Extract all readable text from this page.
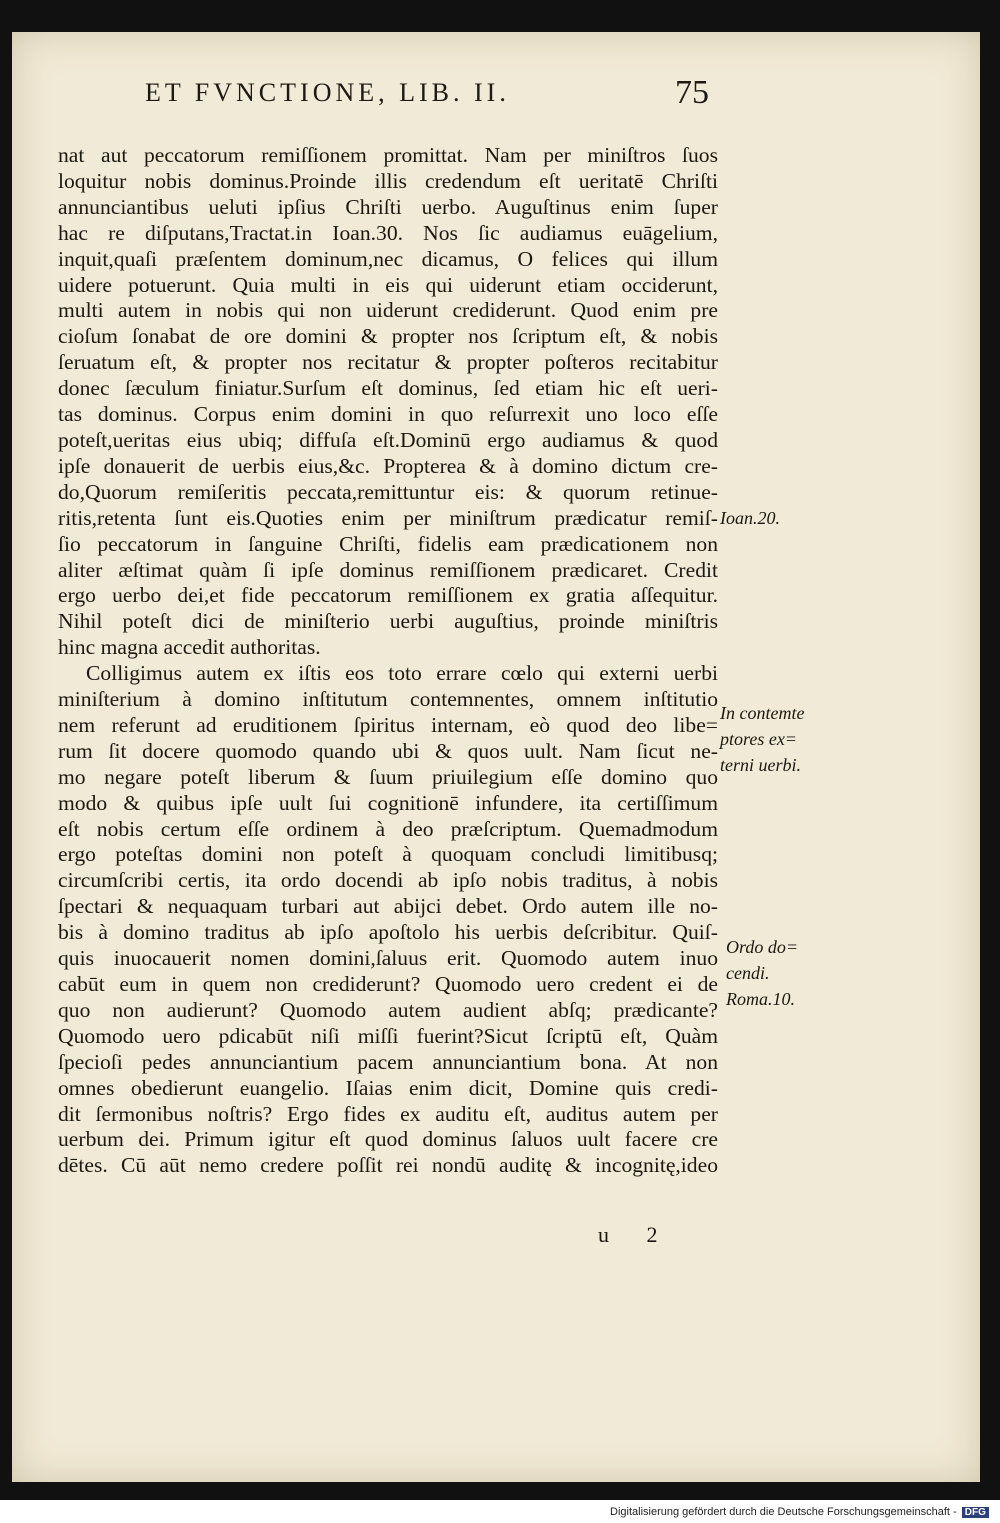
ET FVNCTIONE, LIB. II.	75
nat aut peccatorum remiſſionem promittat. Nam per miniſtros ſuos
loquitur nobis dominus.Proinde illis credendum eſt ueritatē Chriſti
annunciantibus ueluti ipſius Chriſti uerbo. Auguſtinus enim ſuper
hac re diſputans,Tractat.in Ioan.30. Nos ſic audiamus euāgelium,
inquit,quaſi præſentem dominum,nec dicamus, O felices qui illum
uidere potuerunt. Quia multi in eis qui uiderunt etiam occiderunt,
multi autem in nobis qui non uiderunt crediderunt. Quod enim pre
cioſum ſonabat de ore domini & propter nos ſcriptum eſt, & nobis
ſeruatum eſt, & propter nos recitatur & propter poſteros recitabitur
donec ſæculum finiatur.Surſum eſt dominus, ſed etiam hic eſt ueri-
tas dominus. Corpus enim domini in quo reſurrexit uno loco eſſe
poteſt,ueritas eius ubiq; diffuſa eſt.Dominū ergo audiamus & quod
ipſe donauerit de uerbis eius,&c. Propterea & à domino dictum cre-
do,Quorum remiſeritis peccata,remittuntur eis: & quorum retinue-
ritis,retenta ſunt eis.Quoties enim per miniſtrum prædicatur remiſ-
ſio peccatorum in ſanguine Chriſti, fidelis eam prædicationem non
aliter æſtimat quàm ſi ipſe dominus remiſſionem prædicaret. Credit
ergo uerbo dei,et fide peccatorum remiſſionem ex gratia aſſequitur.
Nihil poteſt dici de miniſterio uerbi auguſtius, proinde miniſtris
hinc magna accedit authoritas.
Colligimus autem ex iſtis eos toto errare cœlo qui externi uerbi
miniſterium à domino inſtitutum contemnentes, omnem inſtitutio
nem referunt ad eruditionem ſpiritus internam, eò quod deo libe=
rum ſit docere quomodo quando ubi & quos uult. Nam ſicut ne-
mo negare poteſt liberum & ſuum priuilegium eſſe domino quo
modo & quibus ipſe uult ſui cognitionē infundere, ita certiſſimum
eſt nobis certum eſſe ordinem à deo præſcriptum. Quemadmodum
ergo poteſtas domini non poteſt à quoquam concludi limitibusq;
circumſcribi certis, ita ordo docendi ab ipſo nobis traditus, à nobis
ſpectari & nequaquam turbari aut abijci debet. Ordo autem ille no-
bis à domino traditus ab ipſo apoſtolo his uerbis deſcribitur. Quiſ-
quis inuocauerit nomen domini,ſaluus erit. Quomodo autem inuo
cabūt eum in quem non crediderunt? Quomodo uero credent ei de
quo non audierunt? Quomodo autem audient abſq; prædicante?
Quomodo uero pdicabūt niſi miſſi fuerint?Sicut ſcriptū eſt, Quàm
ſpecioſi pedes annunciantium pacem annunciantium bona. At non
omnes obedierunt euangelio. Iſaias enim dicit, Domine quis credi-
dit ſermonibus noſtris? Ergo fides ex auditu eſt, auditus autem per
uerbum dei. Primum igitur eſt quod dominus ſaluos uult facere cre
dētes. Cū aūt nemo credere poſſit rei nondū auditę & incognitę,ideo
Ioan.20.
In contemte
ptores ex=
terni uerbi.
Ordo do=
cendi.
Roma.10.
u 2
Digitalisierung gefördert durch die Deutsche Forschungsgemeinschaft - DFG
